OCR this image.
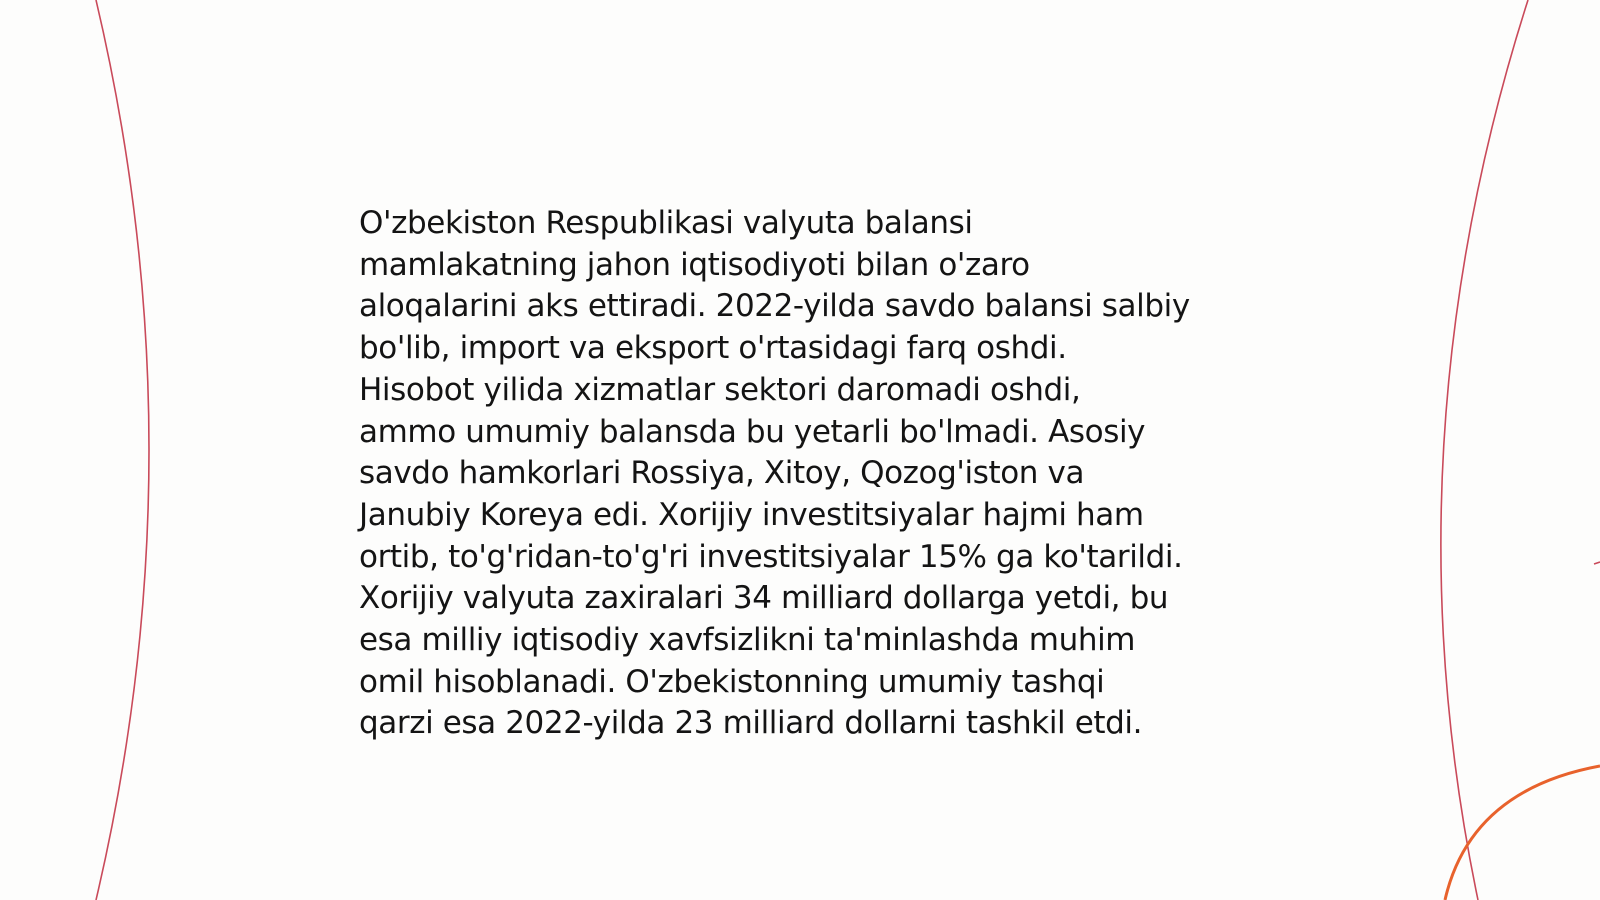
O'zbekiston Respublikasi valyuta balansi
mamlakatning jahon iqtisodiyoti bilan o'zaro
aloqalarini aks ettiradi. 2022-yilda savdo balansi salbiy
bo'lib, import va eksport o'rtasidagi farq oshdi.
Hisobot yilida xizmatlar sektori daromadi oshdi,
ammo umumiy balansda bu yetarli bo'lmadi. Asosiy
savdo hamkorlari Rossiya, Xitoy, Qozog'iston va
Janubiy Koreya edi. Xorijiy investitsiyalar hajmi ham
ortib, to'g'ridan-to'g'ri investitsiyalar 15% ga ko'tarildi.
Xorijiy valyuta zaxiralari 34 milliard dollarga yetdi, bu
esa milliy iqtisodiy xavfsizlikni ta'minlashda muhim
omil hisoblanadi. O'zbekistonning umumiy tashqi
qarzi esa 2022-yilda 23 milliard dollarni tashkil etdi.
